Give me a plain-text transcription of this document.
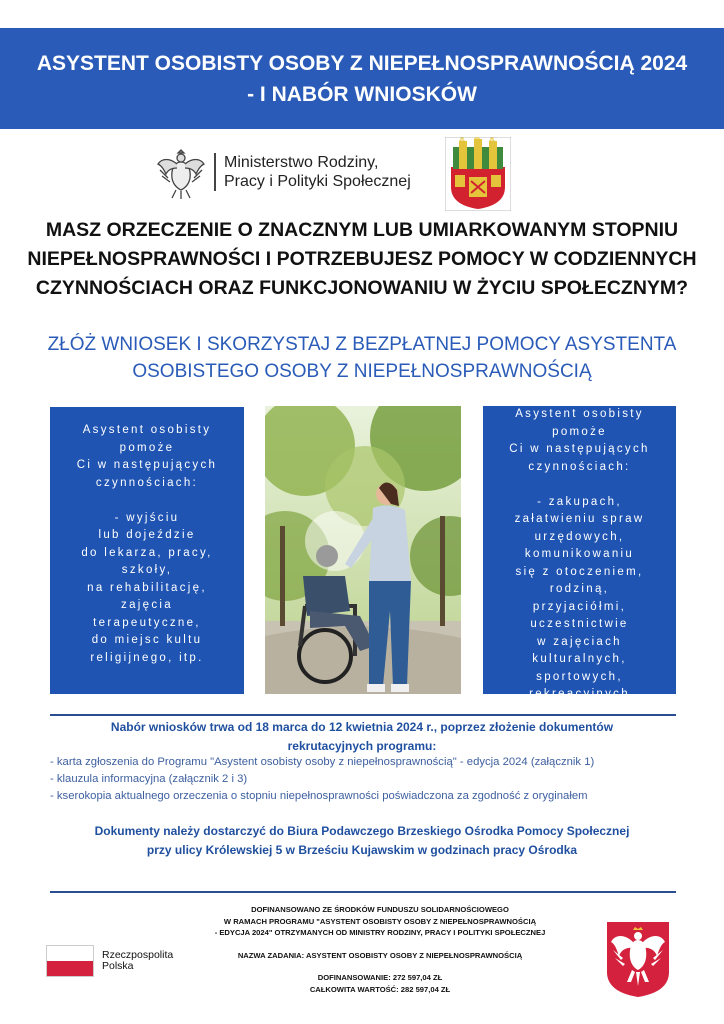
ASYSTENT OSOBISTY OSOBY Z NIEPEŁNOSPRAWNOŚCIĄ 2024
- I NABÓR WNIOSKÓW
Ministerstwo Rodziny,
Pracy i Polityki Społecznej
MASZ ORZECZENIE O ZNACZNYM LUB UMIARKOWANYM STOPNIU
NIEPEŁNOSPRAWNOŚCI I POTRZEBUJESZ POMOCY W CODZIENNYCH
CZYNNOŚCIACH ORAZ FUNKCJONOWANIU W ŻYCIU SPOŁECZNYM?
ZŁÓŻ WNIOSEK I SKORZYSTAJ Z BEZPŁATNEJ POMOCY ASYSTENTA
OSOBISTEGO OSOBY Z NIEPEŁNOSPRAWNOŚCIĄ
Asystent osobisty
pomoże
Ci w następujących
czynnościach:
- wyjściu
lub dojeździe
do lekarza, pracy,
szkoły,
na rehabilitację,
zajęcia
terapeutyczne,
do miejsc kultu
religijnego, itp.
Asystent osobisty
pomoże
Ci w następujących
czynnościach:
- zakupach,
załatwieniu spraw
urzędowych,
komunikowaniu
się z otoczeniem,
rodziną,
przyjaciółmi,
uczestnictwie
w zajęciach
kulturalnych,
sportowych,
rekreacyjnych
Nabór wniosków trwa od 18 marca do 12 kwietnia 2024 r., poprzez złożenie dokumentów
rekrutacyjnych programu:
- karta zgłoszenia do Programu "Asystent osobisty osoby z niepełnosprawnością" - edycja 2024 (załącznik 1)
- klauzula informacyjna (załącznik 2 i 3)
- kserokopia aktualnego orzeczenia o stopniu niepełnosprawności poświadczona za zgodność z oryginałem
Dokumenty należy dostarczyć do Biura Podawczego Brzeskiego Ośrodka Pomocy Społecznej
przy ulicy Królewskiej 5 w Brześciu Kujawskim w godzinach pracy Ośrodka
DOFINANSOWANO ZE ŚRODKÓW FUNDUSZU SOLIDARNOŚCIOWEGO
W RAMACH PROGRAMU "ASYSTENT OSOBISTY OSOBY Z NIEPEŁNOSPRAWNOŚCIĄ
- EDYCJA 2024" OTRZYMANYCH OD MINISTRY RODZINY, PRACY I POLITYKI SPOŁECZNEJ
NAZWA ZADANIA: ASYSTENT OSOBISTY OSOBY Z NIEPEŁNOSPRAWNOŚCIĄ
DOFINANSOWANIE: 272 597,04 ZŁ
CAŁKOWITA WARTOŚĆ: 282 597,04 ZŁ
Rzeczpospolita
Polska
